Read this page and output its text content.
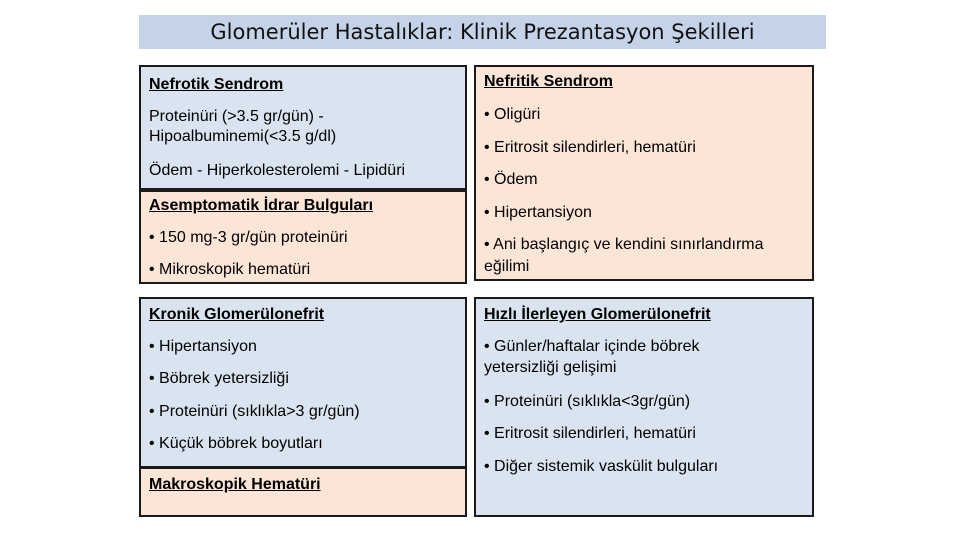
Glomerüler Hastalıklar: Klinik Prezantasyon Şekilleri
Nefrotik Sendrom
Proteinüri (>3.5 gr/gün) -
Hipoalbuminemi(<3.5 g/dl)
Ödem - Hiperkolesterolemi - Lipidüri
Asemptomatik İdrar Bulguları
• 150 mg-3 gr/gün proteinüri
• Mikroskopik hematüri
Nefritik Sendrom
• Oligüri
• Eritrosit silendirleri, hematüri
• Ödem
• Hipertansiyon
• Ani başlangıç ve kendini sınırlandırma
eğilimi
Kronik Glomerülonefrit
• Hipertansiyon
• Böbrek yetersizliği
• Proteinüri (sıklıkla>3 gr/gün)
• Küçük böbrek boyutları
Makroskopik Hematüri
Hızlı İlerleyen Glomerülonefrit
• Günler/haftalar içinde böbrek
yetersizliği gelişimi
• Proteinüri (sıklıkla<3gr/gün)
• Eritrosit silendirleri, hematüri
• Diğer sistemik vaskülit bulguları
